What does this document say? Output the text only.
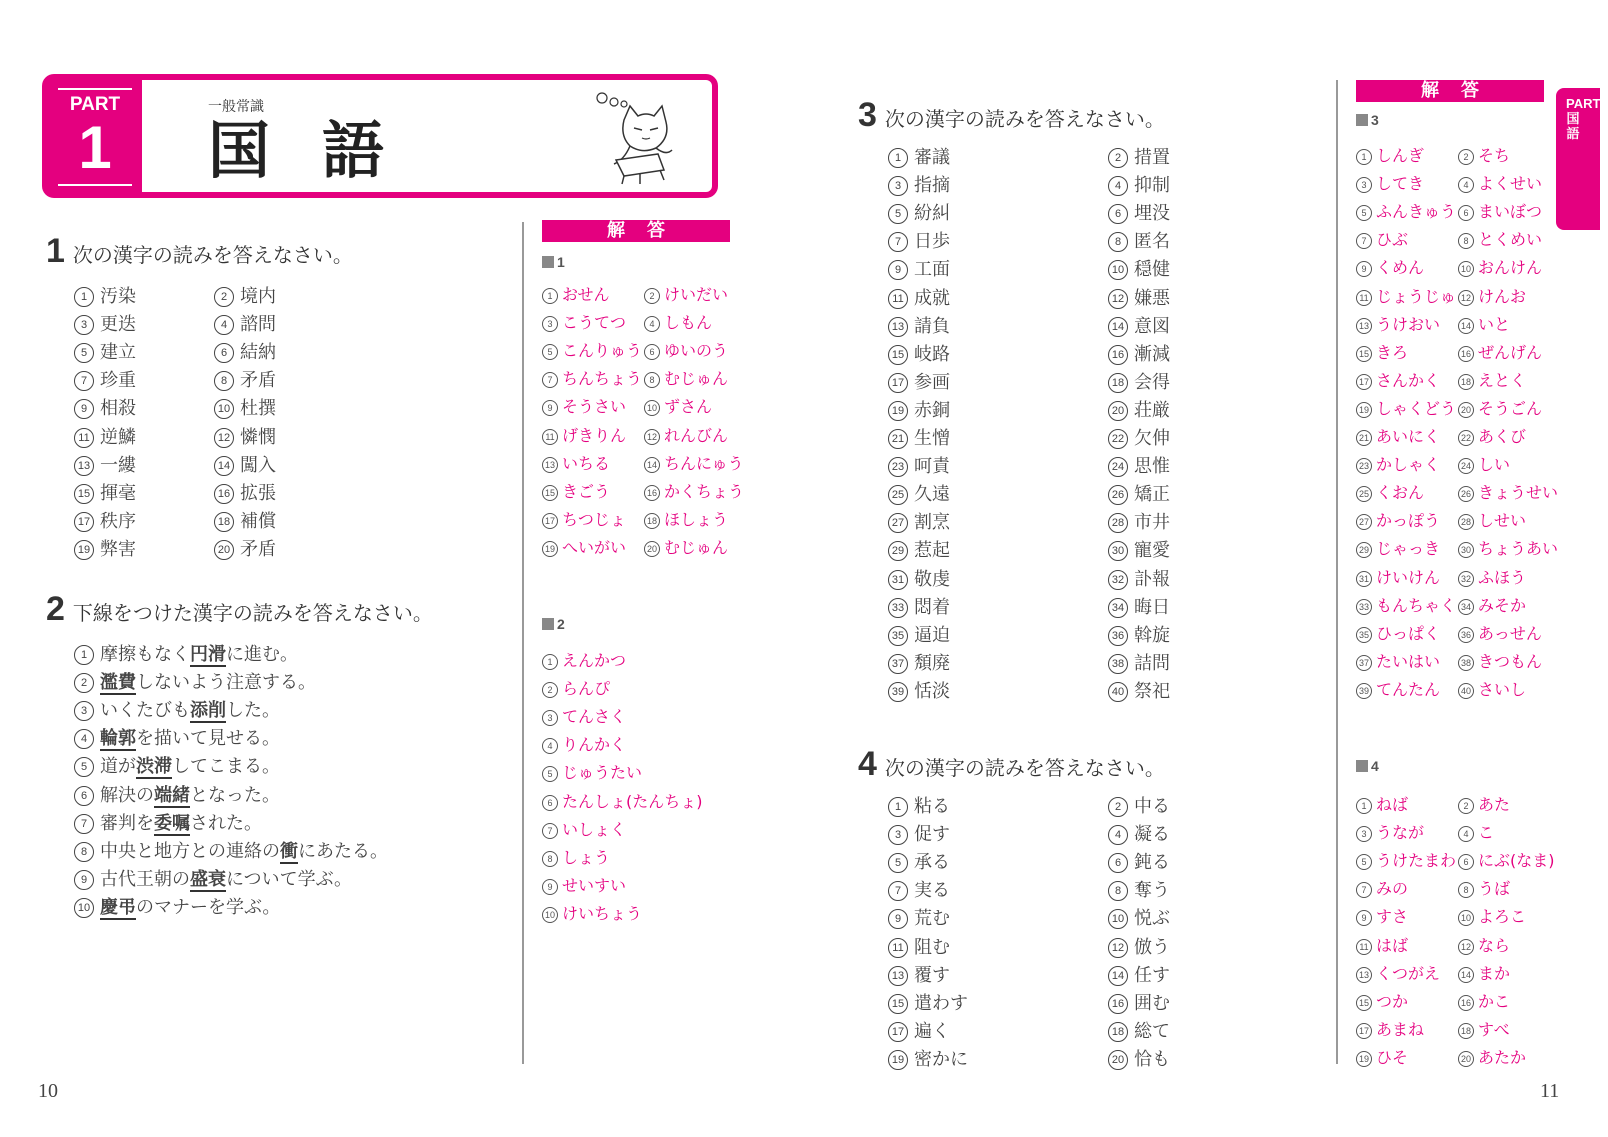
PART
1
一般常識
国語
1 次の漢字の読みを答えなさい。
1 汚染	2 境内
3 更迭	4 諮問
5 建立	6 結納
7 珍重	8 矛盾
9 相殺	10 杜撰
11 逆鱗	12 憐憫
13 一縷	14 闖入
15 揮毫	16 拡張
17 秩序	18 補償
19 弊害	20 矛盾
2 下線をつけた漢字の読みを答えなさい。
1 摩擦もなく円滑に進む。
2 濫費しないよう注意する。
3 いくたびも添削した。
4 輪郭を描いて見せる。
5 道が渋滞してこまる。
6 解決の端緒となった。
7 審判を委嘱された。
8 中央と地方との連絡の衝にあたる。
9 古代王朝の盛衰について学ぶ。
10 慶弔のマナーを学ぶ。
解答
1
1 おせん	2 けいだい
3 こうてつ	4 しもん
5 こんりゅう 6 ゆいのう
7 ちんちょう 8 むじゅん
9 そうさい	10 ずさん
11 げきりん	12 れんびん
13 いちる	14 ちんにゅう
15 きごう	16 かくちょう
17 ちつじょ	18 ほしょう
19 へいがい	20 むじゅん
2
1 えんかつ
2 らんぴ
3 てんさく
4 りんかく
5 じゅうたい
6 たんしょ(たんちょ)
7 いしょく
8 しょう
9 せいすい
10 けいちょう
3 次の漢字の読みを答えなさい。
1 審議	2 措置
3 指摘	4 抑制
5 紛糾	6 埋没
7 日歩	8 匿名
9 工面	10 穏健
11 成就	12 嫌悪
13 請負	14 意図
15 岐路	16 漸減
17 参画	18 会得
19 赤銅	20 荘厳
21 生憎	22 欠伸
23 呵責	24 思惟
25 久遠	26 矯正
27 割烹	28 市井
29 惹起	30 寵愛
31 敬虔	32 訃報
33 悶着	34 晦日
35 逼迫	36 斡旋
37 頽廃	38 詰問
39 恬淡	40 祭祀
4 次の漢字の読みを答えなさい。
1 粘る	2 中る
3 促す	4 凝る
5 承る	6 鈍る
7 実る	8 奪う
9 荒む	10 悦ぶ
11 阻む	12 倣う
13 覆す	14 任す
15 遣わす	16 囲む
17 遍く	18 総て
19 密かに	20 恰も
解答
3
1 しんぎ	2 そち
3 してき	4 よくせい
5 ふんきゅう 6 まいぼつ
7 ひぶ	8 とくめい
9 くめん	10 おんけん
11 じょうじゅ 12 けんお
13 うけおい	14 いと
15 きろ	16 ぜんげん
17 さんかく	18 えとく
19 しゃくどう 20 そうごん
21 あいにく	22 あくび
23 かしゃく	24 しい
25 くおん	26 きょうせい
27 かっぽう	28 しせい
29 じゃっき	30 ちょうあい
31 けいけん	32 ふほう
33 もんちゃく 34 みそか
35 ひっぱく	36 あっせん
37 たいはい	38 きつもん
39 てんたん	40 さいし
4
1 ねば	2 あた
3 うなが	4 こ
5 うけたまわ 6 にぶ(なま)
7 みの	8 うば
9 すさ	10 よろこ
11 はば	12 なら
13 くつがえ	14 まか
15 つか	16 かこ
17 あまね	18 すべ
19 ひそ	20 あたか
PART1 国語
10	11
